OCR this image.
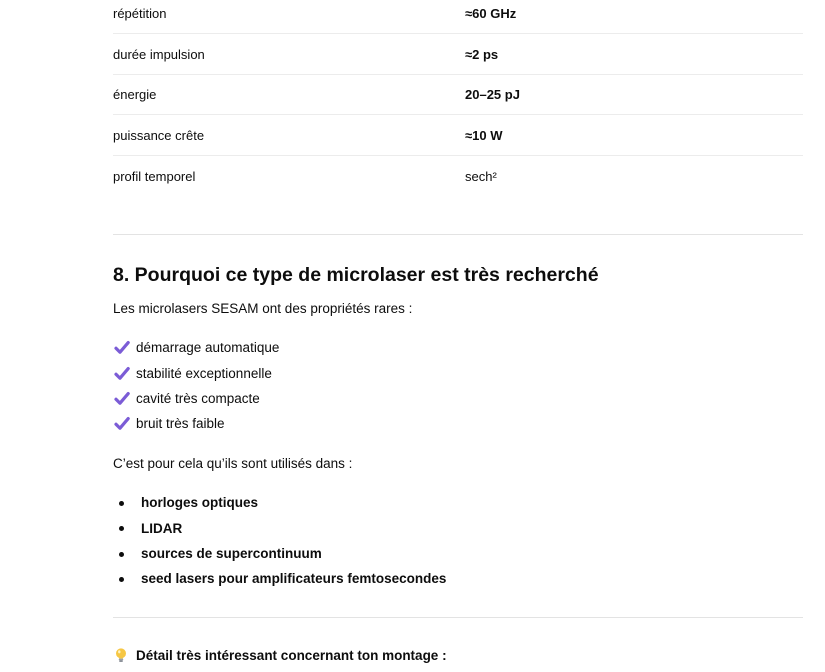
répétition	≈60 GHz
durée impulsion	≈2 ps
énergie	20–25 pJ
puissance crête	≈10 W
profil temporel	sech²
8. Pourquoi ce type de microlaser est très recherché

Les microlasers SESAM ont des propriétés rares :

démarrage automatique
stabilité exceptionnelle
cavité très compacte
bruit très faible

C’est pour cela qu’ils sont utilisés dans :

horloges optiques
LIDAR
sources de supercontinuum
seed lasers pour amplificateurs femtosecondes
Détail très intéressant concernant ton montage :
